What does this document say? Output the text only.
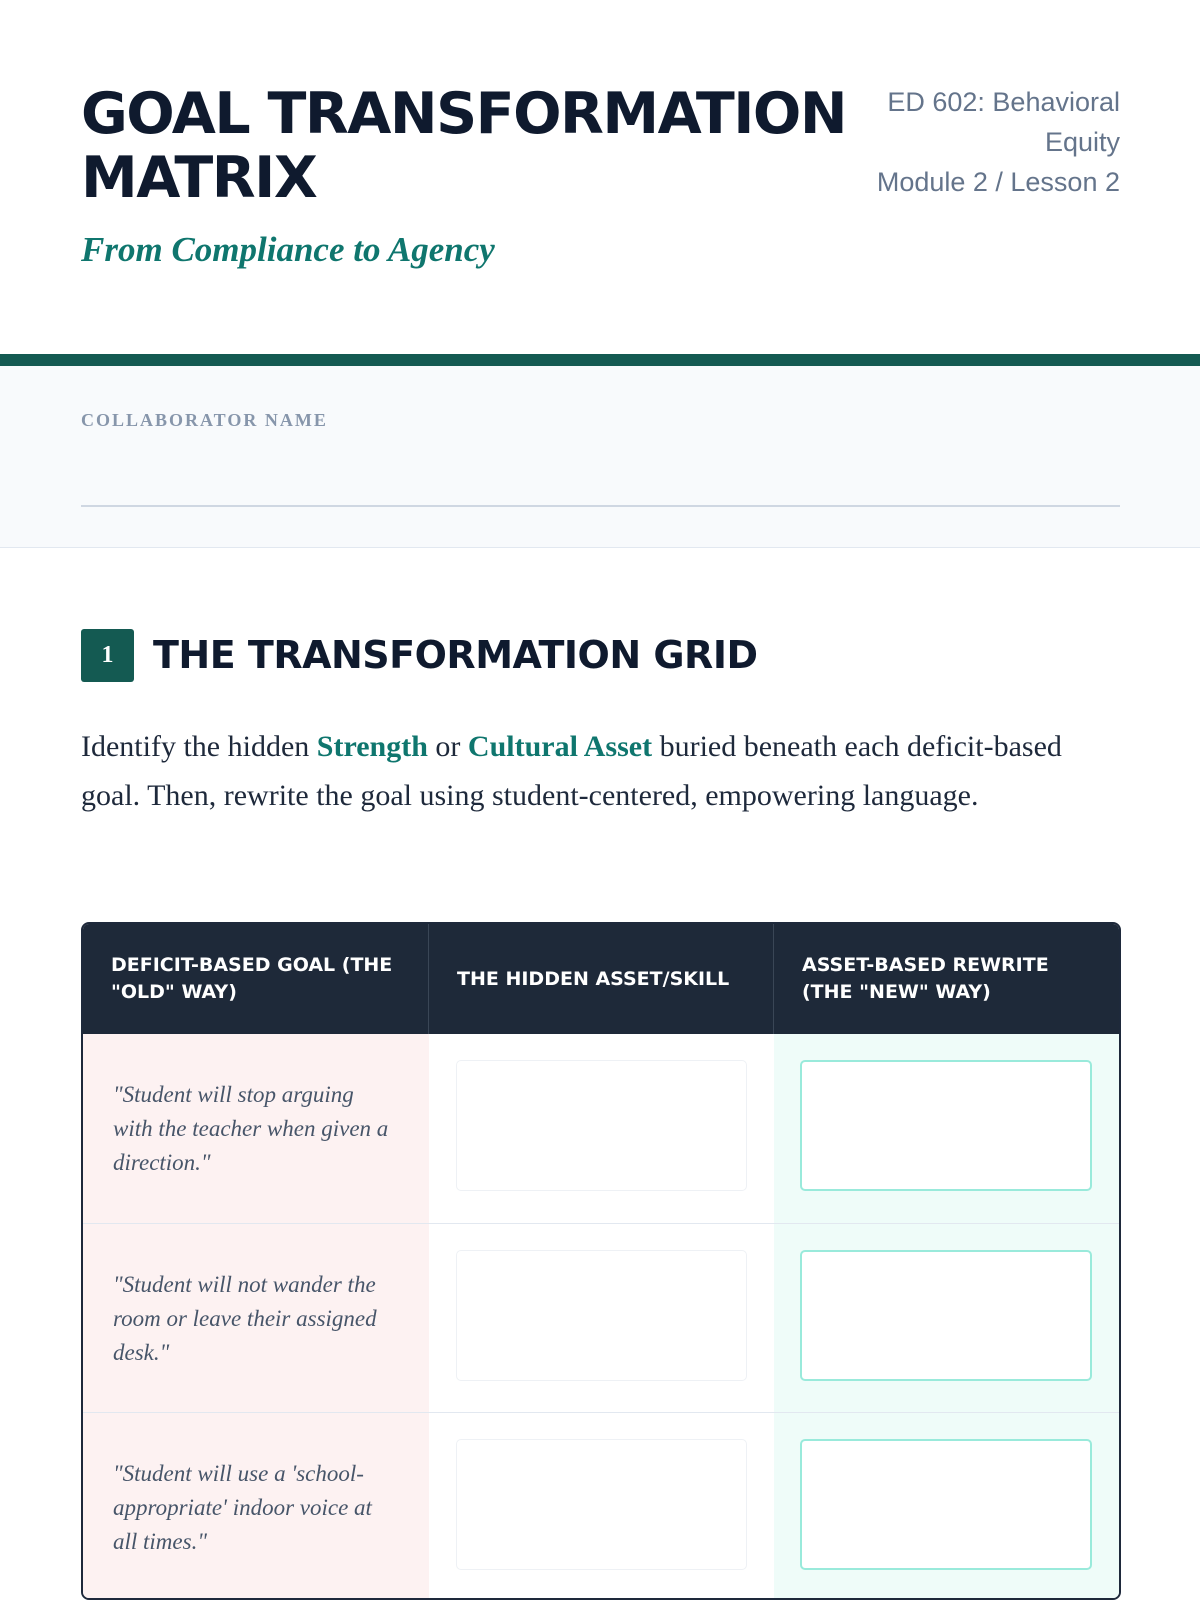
GOAL TRANSFORMATION MATRIX
From Compliance to Agency
ED 602: Behavioral Equity
Module 2 / Lesson 2
COLLABORATOR NAME
1	THE TRANSFORMATION GRID

Identify the hidden Strength or Cultural Asset buried beneath each deficit-based goal. Then, rewrite the goal using student-centered, empowering language.

DEFICIT-BASED GOAL (THE "OLD" WAY)
THE HIDDEN ASSET/SKILL
ASSET-BASED REWRITE (THE "NEW" WAY)
"Student will stop arguing with the teacher when given a direction."
"Student will not wander the room or leave their assigned desk."
"Student will use a 'school-appropriate' indoor voice at all times."
